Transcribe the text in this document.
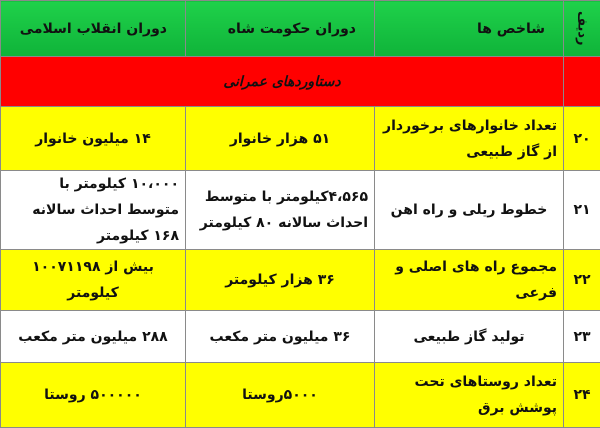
ردیف	شاخص ها	دوران حکومت شاه	دوران انقلاب اسلامی
	دستاوردهای عمرانی		
۲۰	تعداد خانوارهای برخوردار از گاز طبیعی	۵۱ هزار خانوار	۱۴ میلیون خانوار
۲۱	خطوط ریلی و راه اهن	۴،۵۶۵کیلومتر با متوسط احداث سالانه ۸۰ کیلومتر	۱۰،۰۰۰ کیلومتر با متوسط احداث سالانه ۱۶۸ کیلومتر
۲۲	مجموع راه های اصلی و فرعی	۳۶ هزار کیلومتر	بیش از ۱۰۰۷۱۱۹۸ کیلومتر
۲۳	تولید گاز طبیعی	۳۶ میلیون متر مکعب	۲۸۸ میلیون متر مکعب
۲۴	تعداد روستاهای تحت پوشش برق	۵۰۰۰روستا	۵۰۰۰۰۰ روستا
